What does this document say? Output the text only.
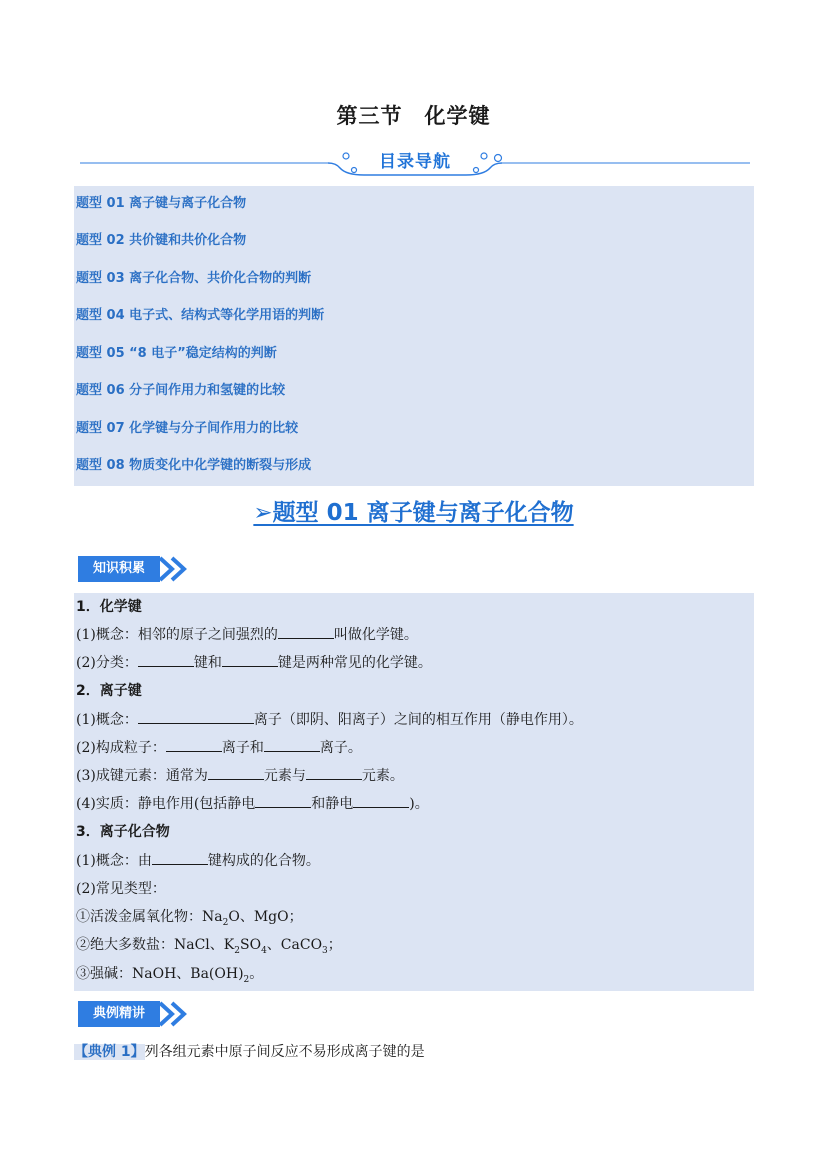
第三节　化学键
目录导航
题型 01 离子键与离子化合物
题型 02 共价键和共价化合物
题型 03 离子化合物、共价化合物的判断
题型 04 电子式、结构式等化学用语的判断
题型 05 “8 电子”稳定结构的判断
题型 06 分子间作用力和氢键的比较
题型 07 化学键与分子间作用力的比较
题型 08 物质变化中化学键的断裂与形成
➢题型 01 离子键与离子化合物
知识积累
1．化学键
(1)概念：相邻的原子之间强烈的	叫做化学键。
(2)分类：	键和	键是两种常见的化学键。
2．离子键
(1)概念：	离子（即阴、阳离子）之间的相互作用（静电作用）。
(2)构成粒子：	离子和	离子。
(3)成键元素：通常为	元素与	元素。
(4)实质：静电作用(包括静电	和静电	)。
3．离子化合物
(1)概念：由	键构成的化合物。
(2)常见类型：
①活泼金属氧化物：$Na_2O$、MgO；
②绝大多数盐：NaCl、$K_2SO_4$、CaCO$_3$；
③强碱：NaOH、$Ba(OH)_2$。
典例精讲
【典例 1】列各组元素中原子间反应不易形成离子键的是
